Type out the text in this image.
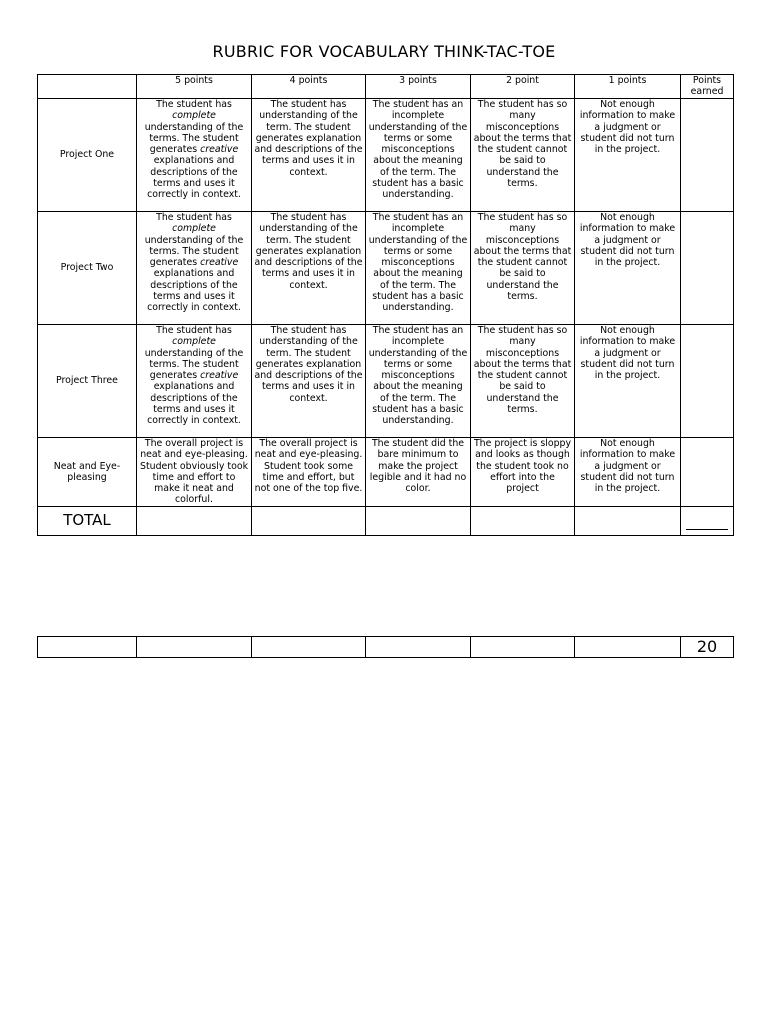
RUBRIC FOR VOCABULARY THINK-TAC-TOE
	5 points	4 points	3 points	2 point	1 points	Points earned
Project One	The student has complete understanding of the terms. The student generates creative explanations and descriptions of the terms and uses it correctly in context.	The student has understanding of the term. The student generates explanation and descriptions of the terms and uses it in context.	The student has an incomplete understanding of the terms or some misconceptions about the meaning of the term. The student has a basic understanding.	The student has so many misconceptions about the terms that the student cannot be said to understand the terms.	Not enough information to make a judgment or student did not turn in the project.	
Project Two	The student has complete understanding of the terms. The student generates creative explanations and descriptions of the terms and uses it correctly in context.	The student has understanding of the term. The student generates explanation and descriptions of the terms and uses it in context.	The student has an incomplete understanding of the terms or some misconceptions about the meaning of the term. The student has a basic understanding.	The student has so many misconceptions about the terms that the student cannot be said to understand the terms.	Not enough information to make a judgment or student did not turn in the project.	
Project Three	The student has complete understanding of the terms. The student generates creative explanations and descriptions of the terms and uses it correctly in context.	The student has understanding of the term. The student generates explanation and descriptions of the terms and uses it in context.	The student has an incomplete understanding of the terms or some misconceptions about the meaning of the term. The student has a basic understanding.	The student has so many misconceptions about the terms that the student cannot be said to understand the terms.	Not enough information to make a judgment or student did not turn in the project.	
Neat and Eye-pleasing	The overall project is neat and eye-pleasing. Student obviously took time and effort to make it neat and colorful.	The overall project is neat and eye-pleasing. Student took some time and effort, but not one of the top five.	The student did the bare minimum to make the project legible and it had no color.	The project is sloppy and looks as though the student took no effort into the project	Not enough information to make a judgment or student did not turn in the project.	
TOTAL						
						20
